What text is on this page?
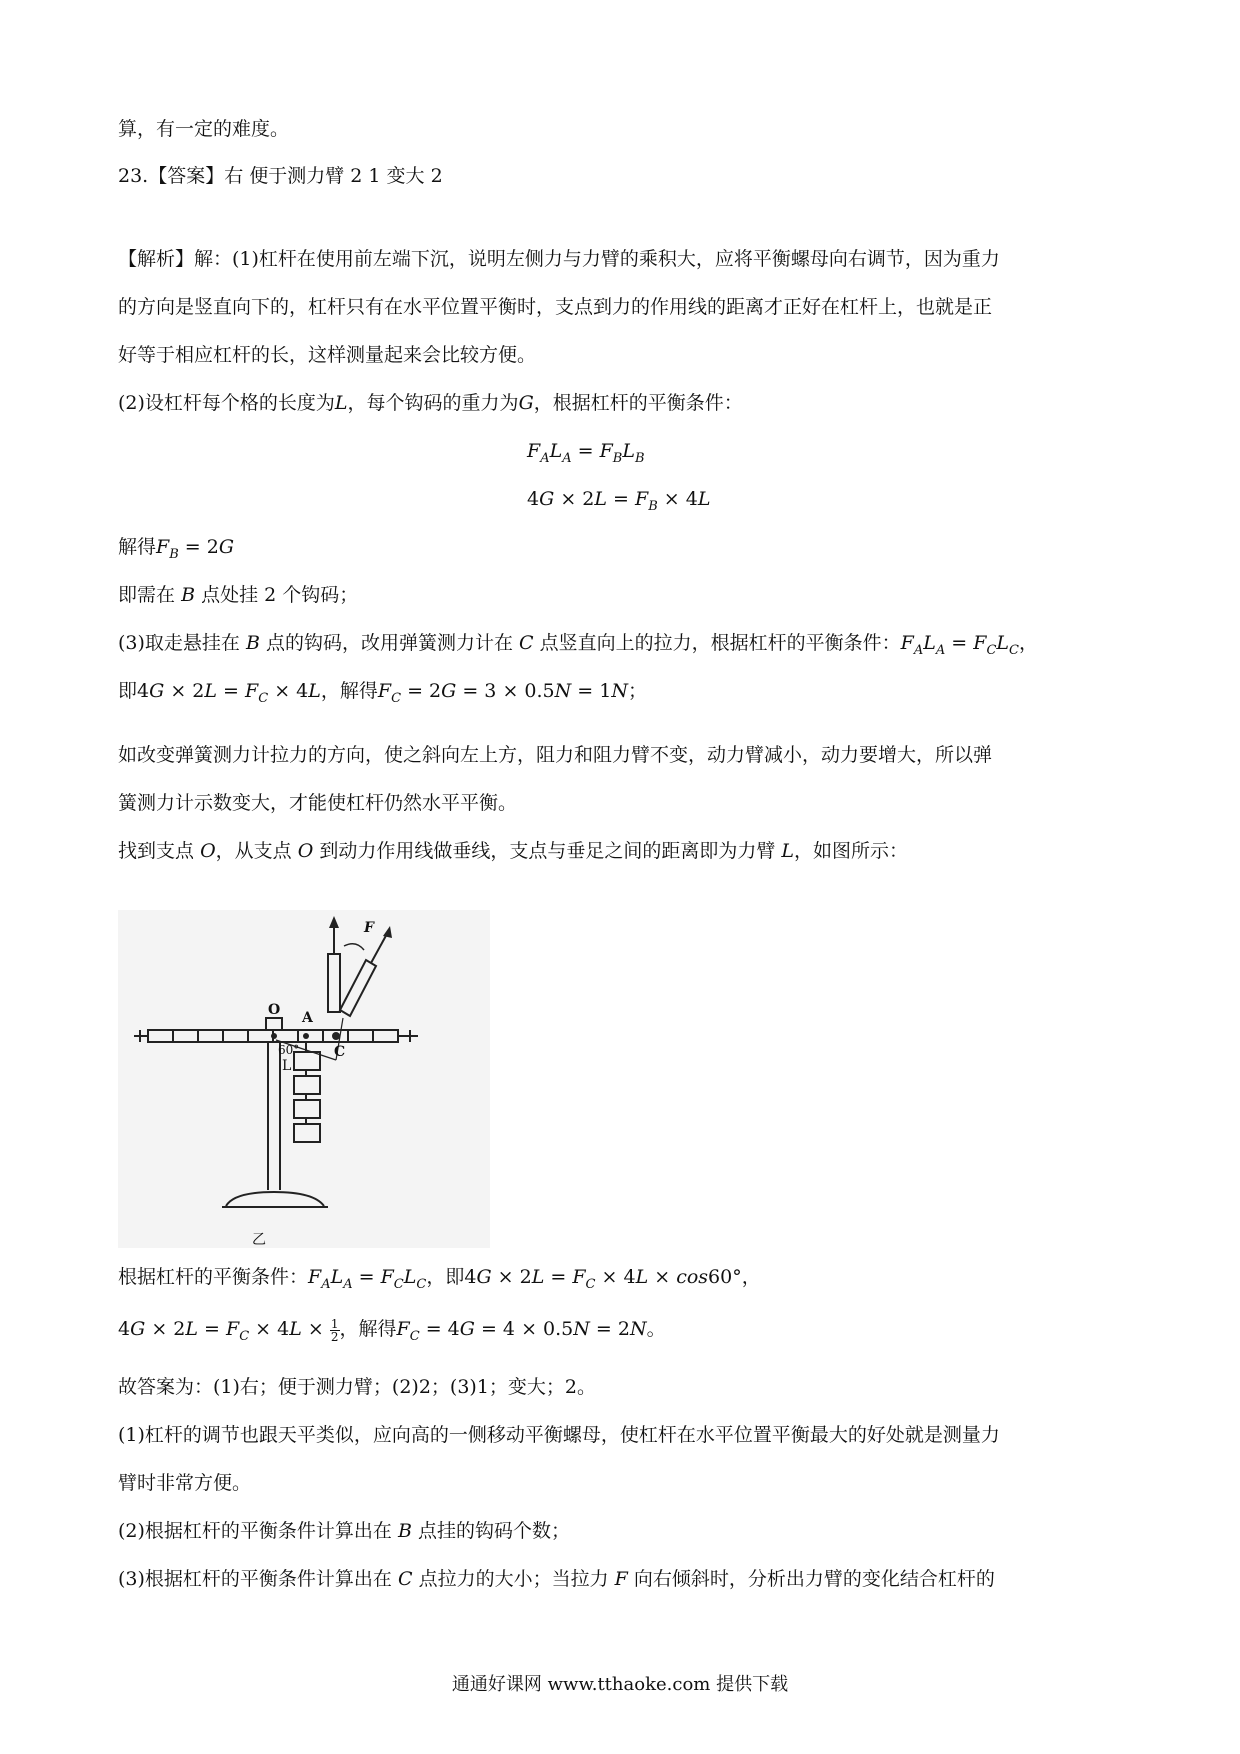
算，有一定的难度。
23.【答案】右 便于测力臂 2 1 变大 2
【解析】解：(1)杠杆在使用前左端下沉，说明左侧力与力臂的乘积大，应将平衡螺母向右调节，因为重力
的方向是竖直向下的，杠杆只有在水平位置平衡时，支点到力的作用线的距离才正好在杠杆上，也就是正
好等于相应杠杆的长，这样测量起来会比较方便。
(2)设杠杆每个格的长度为L，每个钩码的重力为G，根据杠杆的平衡条件：
$F_AL_A = F_BL_B$
$4G \times 2L = F_B \times 4L$
解得$F_B = 2G$
即需在 B 点处挂 2 个钩码；
(3)取走悬挂在 B 点的钩码，改用弹簧测力计在 C 点竖直向上的拉力，根据杠杆的平衡条件：$F_AL_A = F_CL_C$，
即$4G \times 2L = F_C \times 4L$，解得$F_C = 2G = 3 \times 0.5N = 1N$；
如改变弹簧测力计拉力的方向，使之斜向左上方，阻力和阻力臂不变，动力臂减小，动力要增大，所以弹
簧测力计示数变大，才能使杠杆仍然水平平衡。
找到支点 O，从支点 O 到动力作用线做垂线，支点与垂足之间的距离即为力臂 L，如图所示：
O A
C
F
L
60°
乙
根据杠杆的平衡条件：$F_AL_A = F_CL_C$，即$4G \times 2L = F_C \times 4L \times \cos 60^\circ$，
$4G \times 2L = F_C \times 4L \times \frac{1}{2}$ ，解得$F_C = 4G = 4 \times 0.5N = 2N$。
故答案为：(1)右；便于测力臂；(2)2；(3)1；变大；2。
(1)杠杆的调节也跟天平类似，应向高的一侧移动平衡螺母，使杠杆在水平位置平衡最大的好处就是测量力
臂时非常方便。
(2)根据杠杆的平衡条件计算出在 B 点挂的钩码个数；
(3)根据杠杆的平衡条件计算出在 C 点拉力的大小；当拉力 F 向右倾斜时，分析出力臂的变化结合杠杆的
通通好课网 www.tthaoke.com 提供下载
